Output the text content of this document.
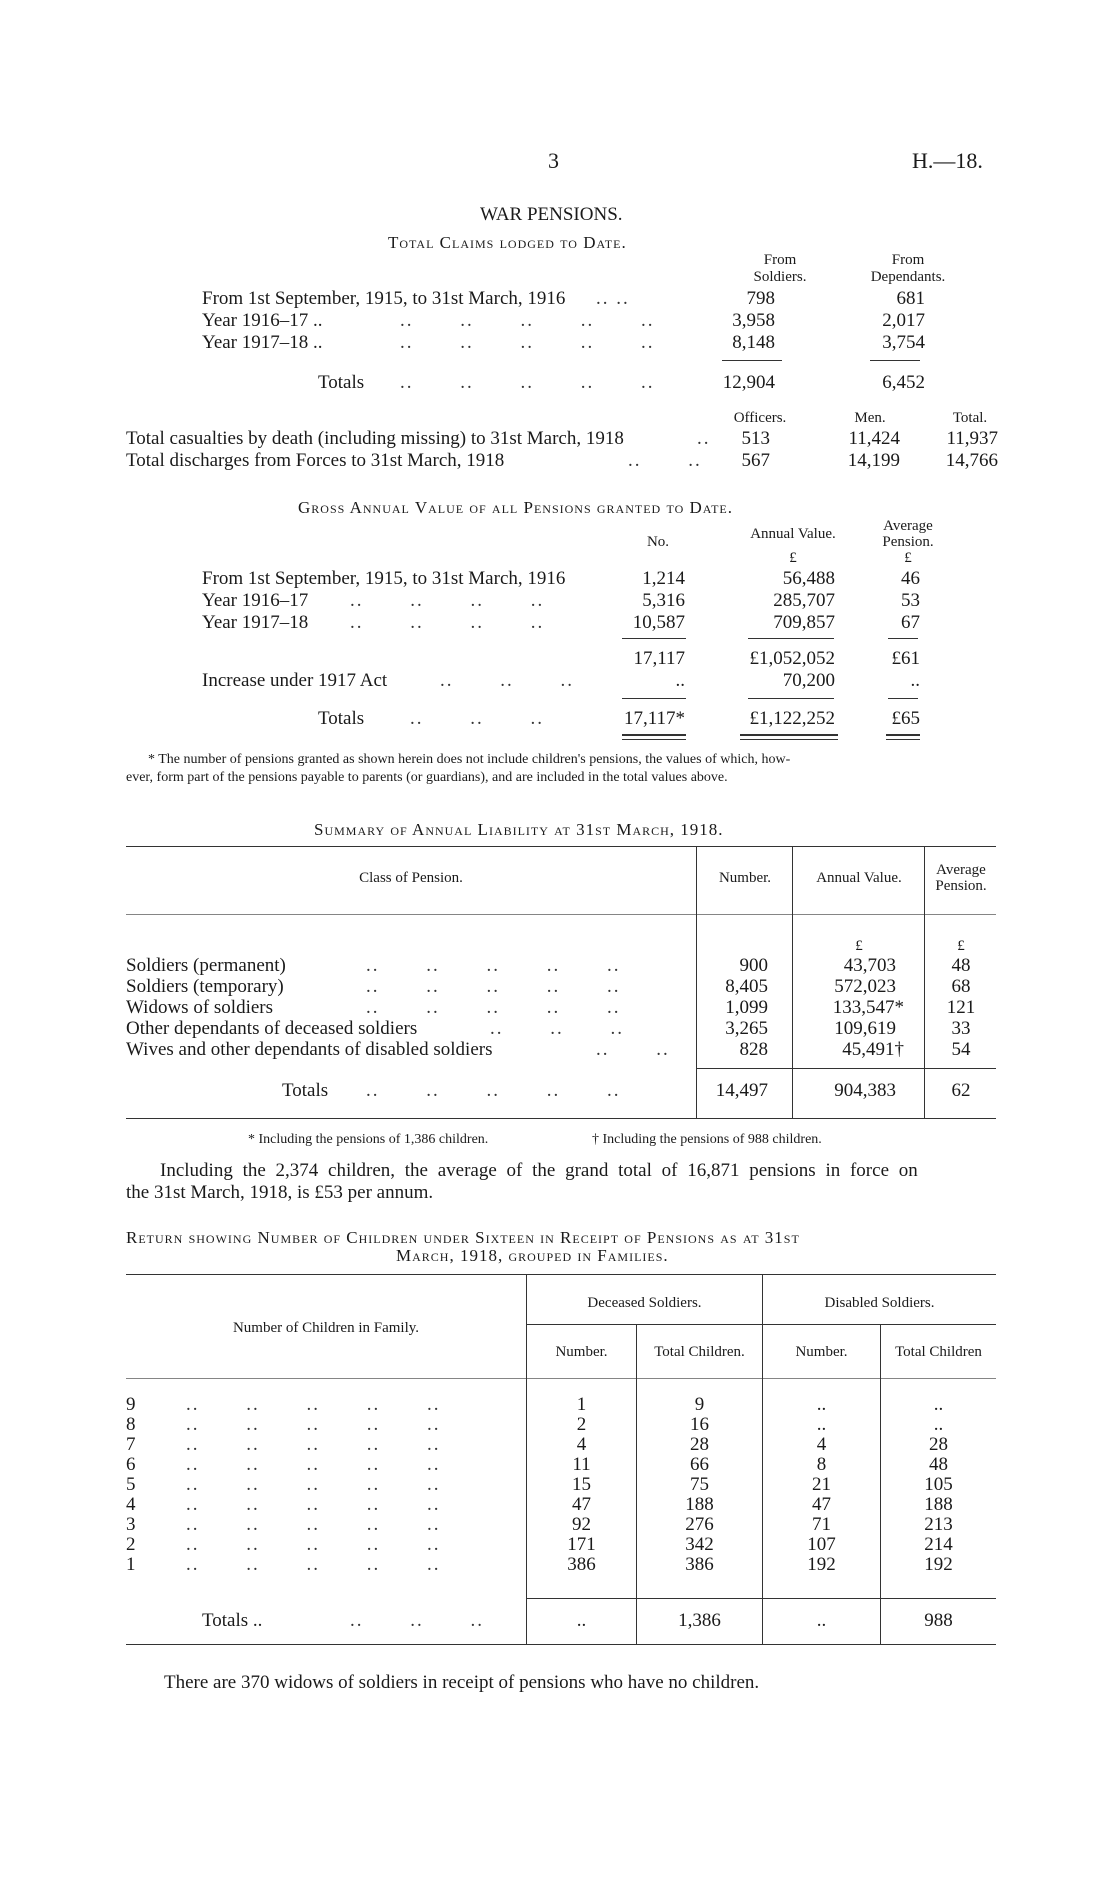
3	H.—18.
WAR PENSIONS.
Total Claims lodged to Date.
From
Soldiers.
From
Dependants.
From 1st September, 1915, to 31st March, 1916 .. ..	798	681
Year 1916–17 ..	.. .. .. .. ..	3,958	2,017
Year 1917–18 ..	.. .. .. .. ..	8,148	3,754
Totals .. .. .. .. ..	12,904	6,452
Officers.	Men.	Total.
Total casualties by death (including missing) to 31st March, 1918	..	513	11,424	11,937
Total discharges from Forces to 31st March, 1918	.. ..	567	14,199	14,766
Gross Annual Value of all Pensions granted to Date.
No.	Annual Value.	Average
Pension.
£	£
From 1st September, 1915, to 31st March, 1916	1,214	56,488	46
Year 1916–17 .. .. .. ..	5,316	285,707	53
Year 1917–18 .. .. .. ..	10,587	709,857	67
17,117	£1,052,052	£61
Increase under 1917 Act	.. .. ..	..	70,200	..
Totals .. .. ..	17,117*	£1,122,252	£65
* The number of pensions granted as shown herein does not include children's pensions, the values of which, how-
ever, form part of the pensions payable to parents (or guardians), and are included in the total values above.
Summary of Annual Liability at 31st March, 1918.
Class of Pension.	Number.	Annual Value.	Average
Pension.
£	£
Soldiers (permanent)	.. .. .. .. ..	900	43,703	48
Soldiers (temporary)	.. .. .. .. ..	8,405	572,023	68
Widows of soldiers	.. .. .. .. ..	1,099	133,547*	121
Other dependants of deceased soldiers	.. .. ..	3,265	109,619	33
Wives and other dependants of disabled soldiers	.. ..	828	45,491†	54
Totals .. .. .. .. ..	14,497	904,383	62
* Including the pensions of 1,386 children.	† Including the pensions of 988 children.
Including the 2,374 children, the average of the grand total of 16,871 pensions in force on
the 31st March, 1918, is £53 per annum.
Return showing Number of Children under Sixteen in Receipt of Pensions as at 31st
March, 1918, grouped in Families.
Number of Children in Family.
Deceased Soldiers.	Disabled Soldiers.
Number.	Total Children.	Number.	Total Children
9	1	9	..	..
.. .. .. .. ..
8	2	16	..	..
.. .. .. .. ..
7	4	28	4	28
.. .. .. .. ..
6	11	66	8	48
.. .. .. .. ..
5	15	75	21	105
.. .. .. .. ..
4	47	188	47	188
.. .. .. .. ..
3	92	276	71	213
.. .. .. .. ..
2	171	342	107	214
.. .. .. .. ..
1	386	386	192	192
.. .. .. .. ..
Totals ..	.. .. ..	..	1,386	..	988
There are 370 widows of soldiers in receipt of pensions who have no children.
